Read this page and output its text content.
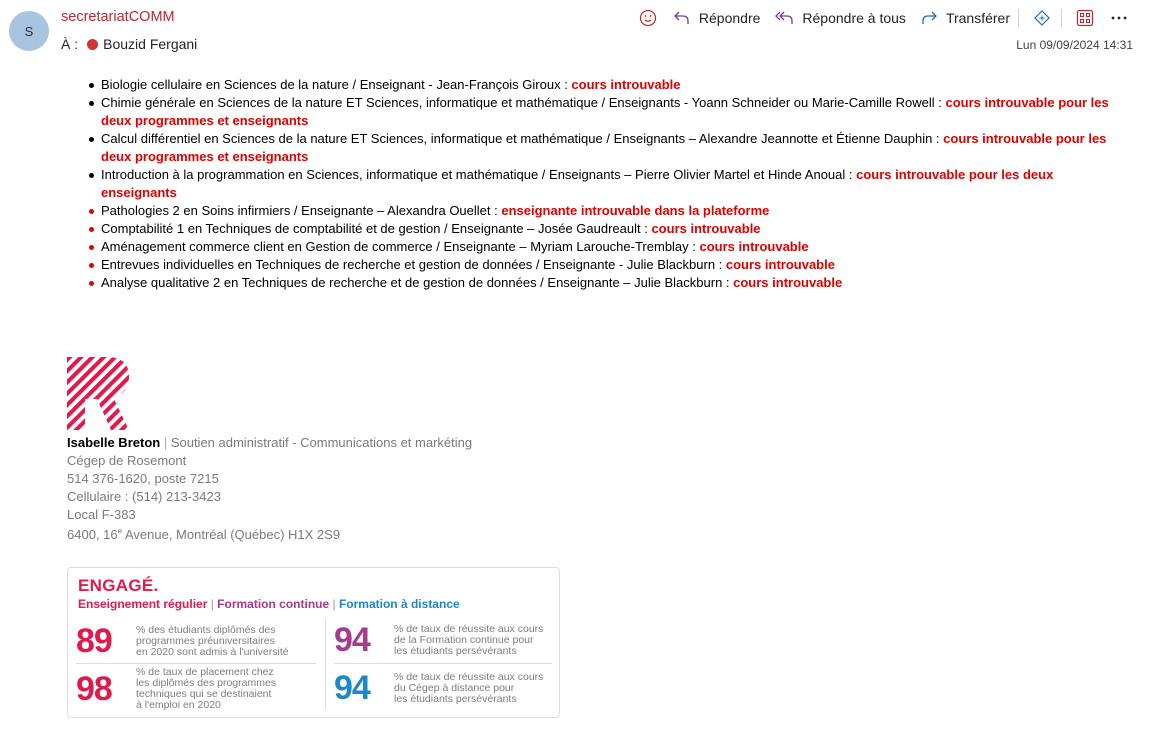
S
secretariatCOMM
À : Bouzid Fergani	Lun 09/09/2024 14:31
Répondre	Répondre à tous	Transférer
Biologie cellulaire en Sciences de la nature / Enseignant - Jean-François Giroux : cours introuvable
Chimie générale en Sciences de la nature ET Sciences, informatique et mathématique / Enseignants - Yoann Schneider ou Marie-Camille Rowell : cours introuvable pour les deux programmes et enseignants
Calcul différentiel en Sciences de la nature ET Sciences, informatique et mathématique / Enseignants – Alexandre Jeannotte et Étienne Dauphin : cours introuvable pour les deux programmes et enseignants
Introduction à la programmation en Sciences, informatique et mathématique / Enseignants – Pierre Olivier Martel et Hinde Anoual : cours introuvable pour les deux enseignants
Pathologies 2 en Soins infirmiers / Enseignante – Alexandra Ouellet : enseignante introuvable dans la plateforme
Comptabilité 1 en Techniques de comptabilité et de gestion / Enseignante – Josée Gaudreault : cours introuvable
Aménagement commerce client en Gestion de commerce / Enseignante – Myriam Larouche-Tremblay : cours introuvable
Entrevues individuelles en Techniques de recherche et gestion de données / Enseignante - Julie Blackburn : cours introuvable
Analyse qualitative 2 en Techniques de recherche et de gestion de données / Enseignante – Julie Blackburn : cours introuvable
Isabelle Breton | Soutien administratif - Communications et markéting
Cégep de Rosemont
514 376-1620, poste 7215
Cellulaire : (514) 213-3423
Local F-383
6400, 16e Avenue, Montréal (Québec) H1X 2S9
ENGAGÉ.
Enseignement régulier | Formation continue | Formation à distance
89	% des étudiants diplômés des
programmes préuniversitaires
en 2020 sont admis à l'université
98	% de taux de placement chez
les diplômés des programmes
techniques qui se destinaient
à l'emploi en 2020
94	% de taux de réussite aux cours
de la Formation continue pour
les étudiants persévérants
94	% de taux de réussite aux cours
du Cégep à distance pour
les étudiants persévérants
